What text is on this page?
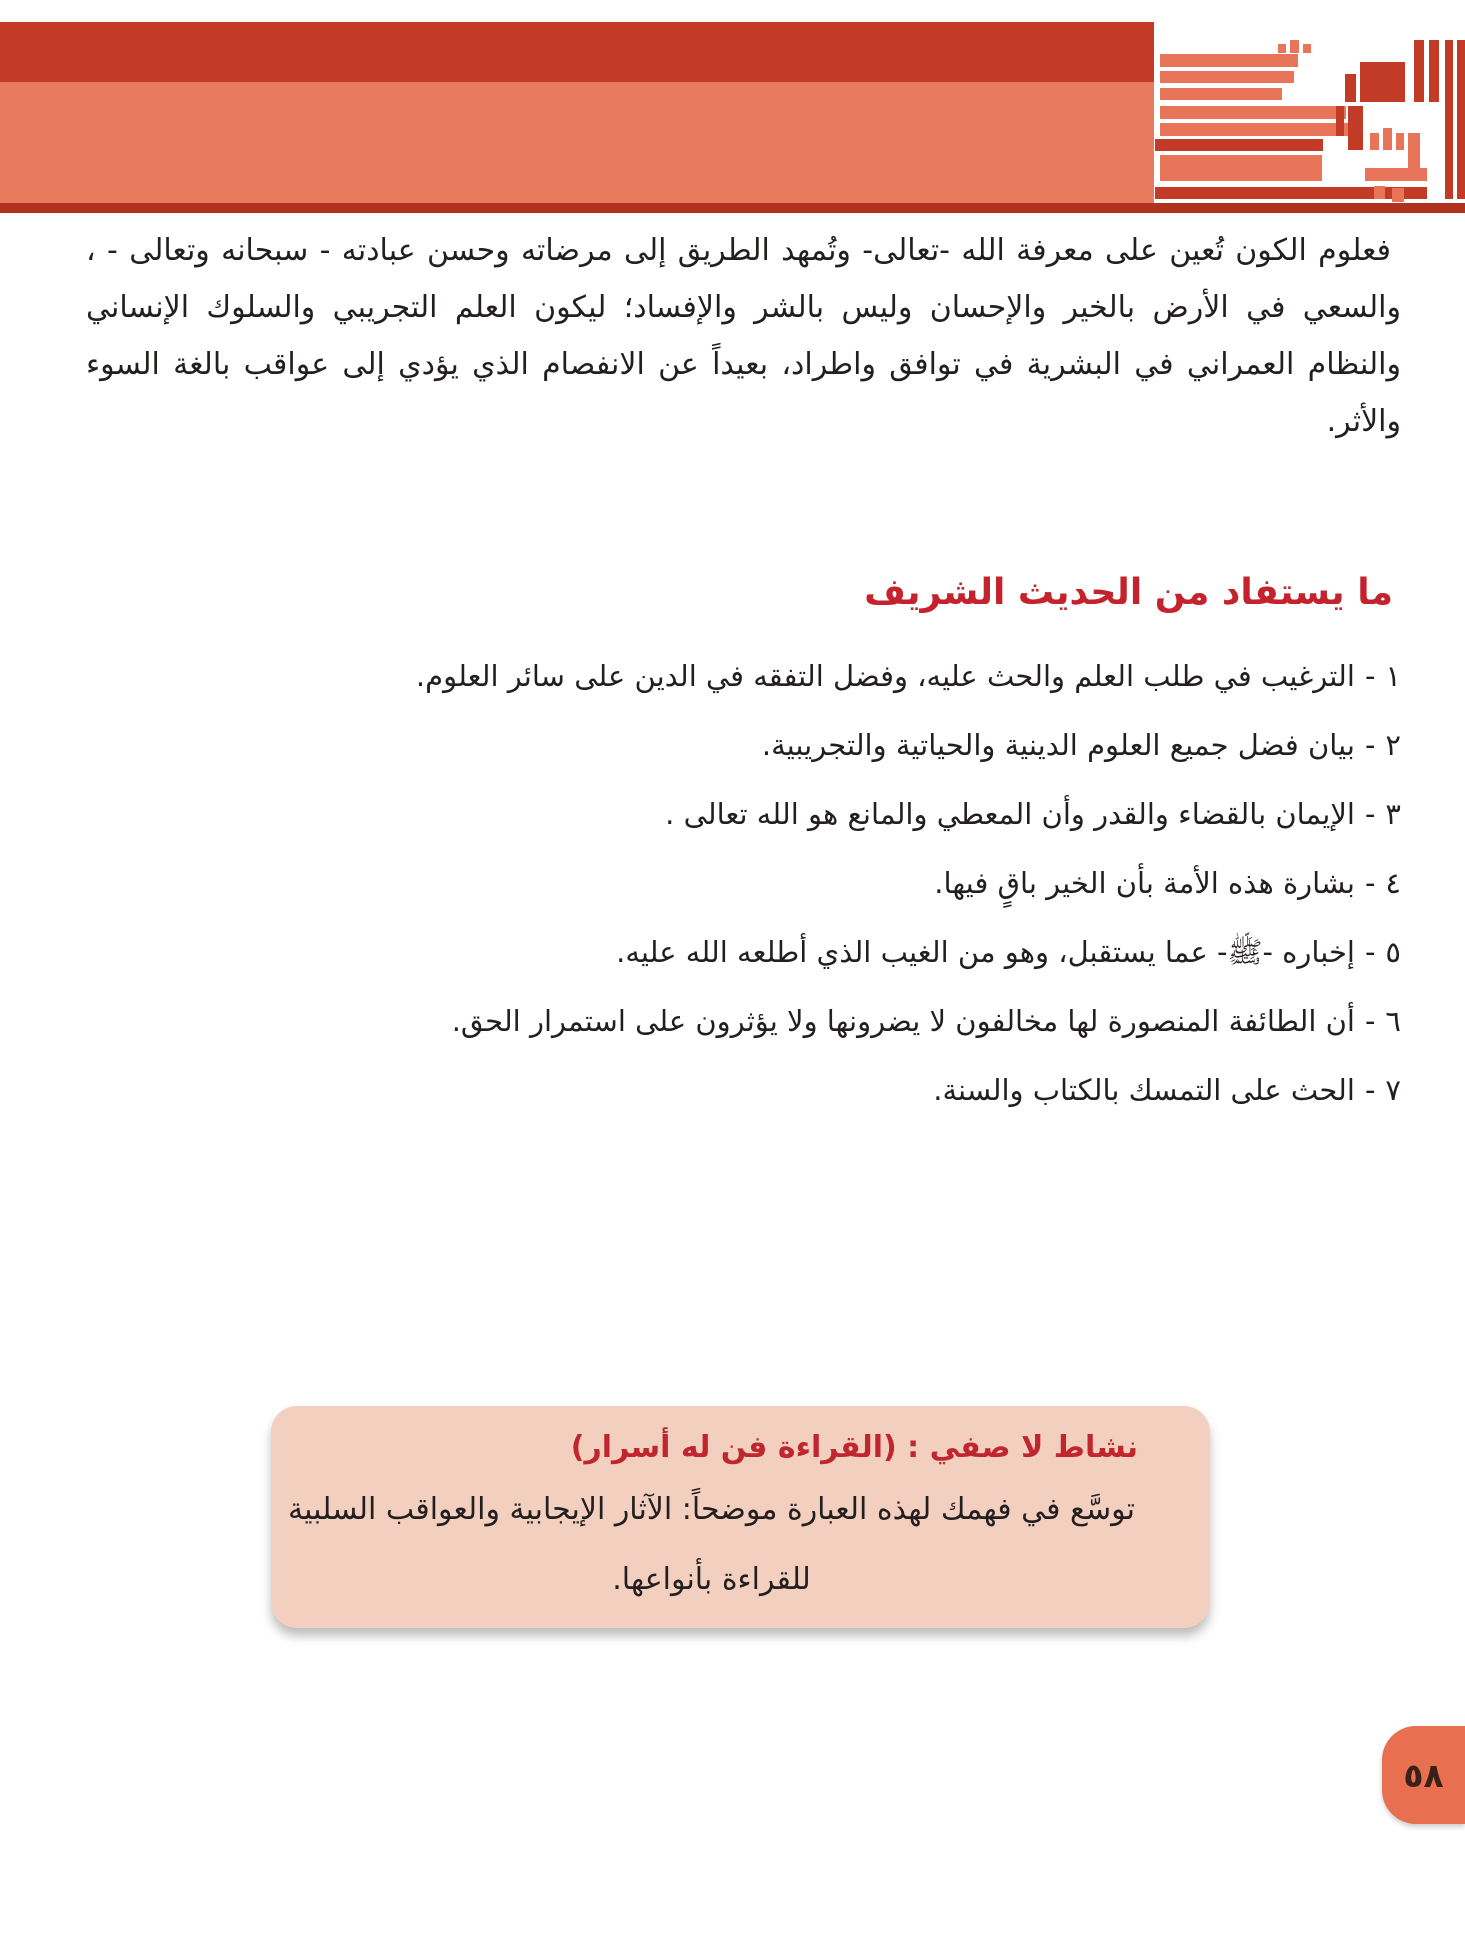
فعلوم الكون تُعين على معرفة الله -تعالى- وتُمهد الطريق إلى مرضاته وحسن عبادته - سبحانه وتعالى - ، والسعي في الأرض بالخير والإحسان وليس بالشر والإفساد؛ ليكون العلم التجريبي والسلوك الإنساني والنظام العمراني في البشرية في توافق واطراد، بعيداً عن الانفصام الذي يؤدي إلى عواقب بالغة السوء والأثر.

ما يستفاد من الحديث الشريف
١-الترغيب في طلب العلم والحث عليه، وفضل التفقه في الدين على سائر العلوم.
٢-بيان فضل جميع العلوم الدينية والحياتية والتجريبية.
٣-الإيمان بالقضاء والقدر وأن المعطي والمانع هو الله تعالى .
٤-بشارة هذه الأمة بأن الخير باقٍ فيها.
٥-إخباره -ﷺ- عما يستقبل، وهو من الغيب الذي أطلعه الله عليه.
٦-أن الطائفة المنصورة لها مخالفون لا يضرونها ولا يؤثرون على استمرار الحق.
٧-الحث على التمسك بالكتاب والسنة.
نشاط لا صفي : (القراءة فن له أسرار)

توسَّع في فهمك لهذه العبارة موضحاً: الآثار الإيجابية والعواقب السلبية للقراءة بأنواعها.

٥٨
